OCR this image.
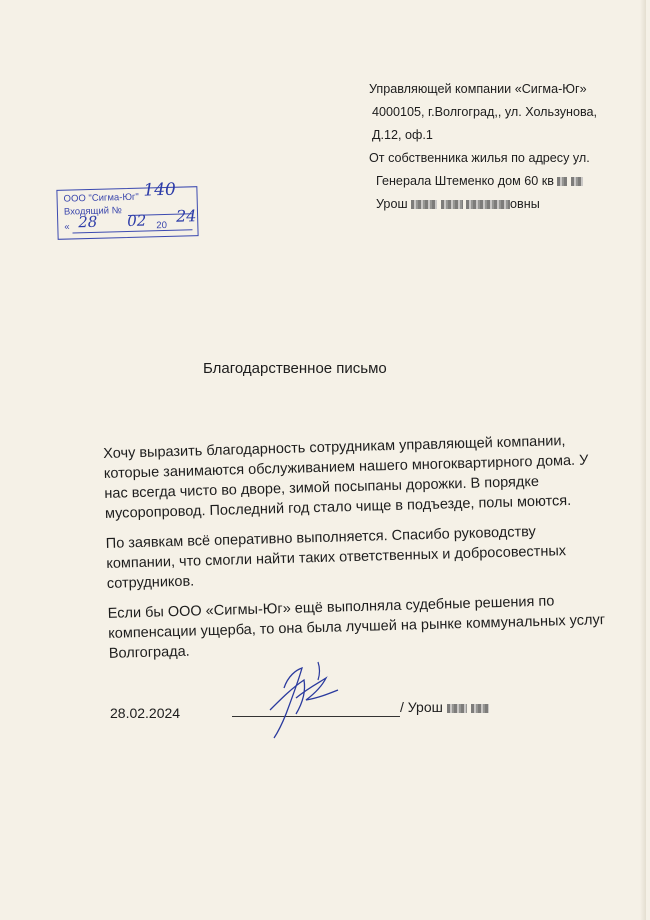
Управляющей компании «Сигма-Юг»
4000105, г.Волгоград,, ул. Хользунова,
Д.12, оф.1
От собственника жилья по адресу ул.
Генерала Штеменко дом 60 кв
Урош	овны
ООО "Сигма-Юг"
Входящий №
140
« 28 02 20 24
Благодарственное письмо

Хочу выразить благодарность сотрудникам управляющей компании, которые занимаются обслуживанием нашего многоквартирного дома. У нас всегда чисто во дворе, зимой посыпаны дорожки. В порядке мусоропровод. Последний год стало чище в подъезде, полы моются.

По заявкам всё оперативно выполняется. Спасибо руководству компании, что смогли найти таких ответственных и добросовестных сотрудников.

Если бы ООО «Сигмы-Юг» ещё выполняла судебные решения по компенсации ущерба, то она была лучшей на рынке коммунальных услуг Волгограда.

28.02.2024	/ Урош
